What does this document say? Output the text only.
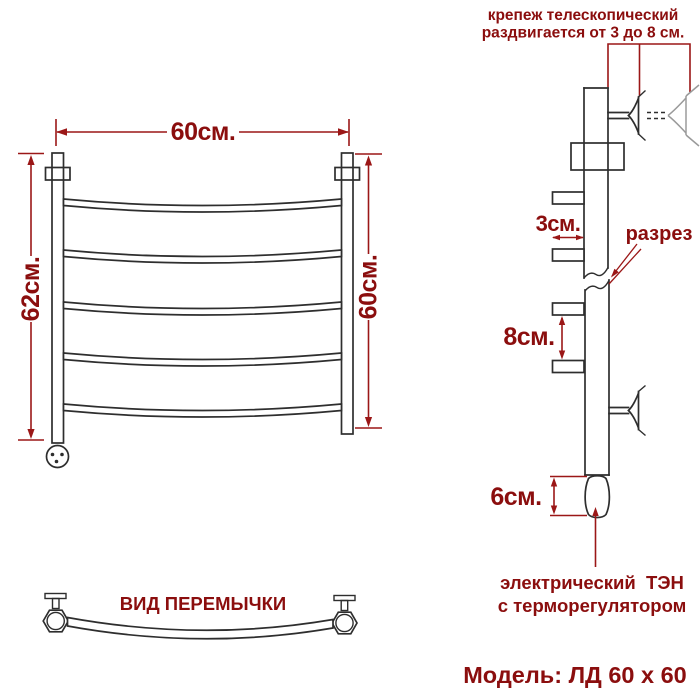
60см.
62см.	60см.
ВИД ПЕРЕМЫЧКИ
крепеж телескопический
раздвигается от 3 до 8 см.
3см. разрез
8см.
6см.
электрический  ТЭН
с терморегулятором
Модель: ЛД 60 х 60
